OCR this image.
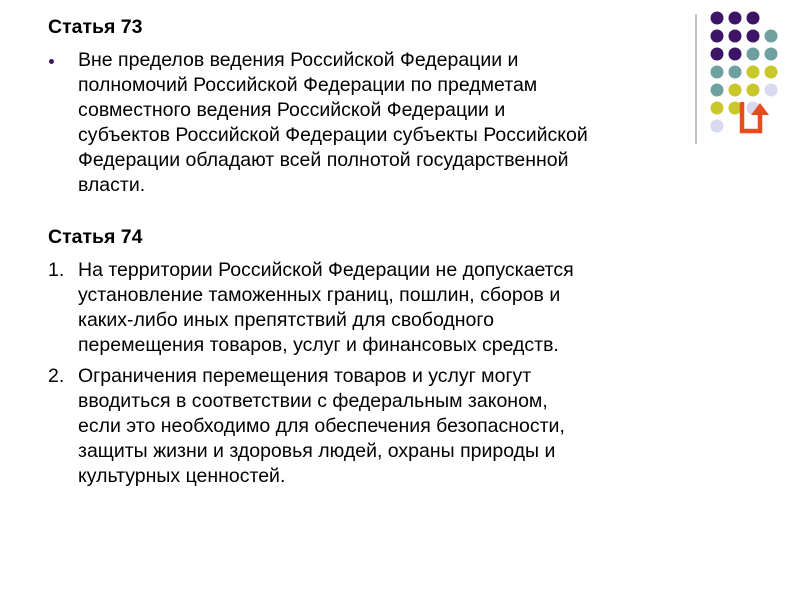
Статья 73
Вне пределов ведения Российской Федерации и
полномочий Российской Федерации по предметам
совместного ведения Российской Федерации и
субъектов Российской Федерации субъекты Российской
Федерации обладают всей полнотой государственной
власти.
Статья 74
1. На территории Российской Федерации не допускается
установление таможенных границ, пошлин, сборов и
каких-либо иных препятствий для свободного
перемещения товаров, услуг и финансовых средств.
2. Ограничения перемещения товаров и услуг могут
вводиться в соответствии с федеральным законом,
если это необходимо для обеспечения безопасности,
защиты жизни и здоровья людей, охраны природы и
культурных ценностей.
